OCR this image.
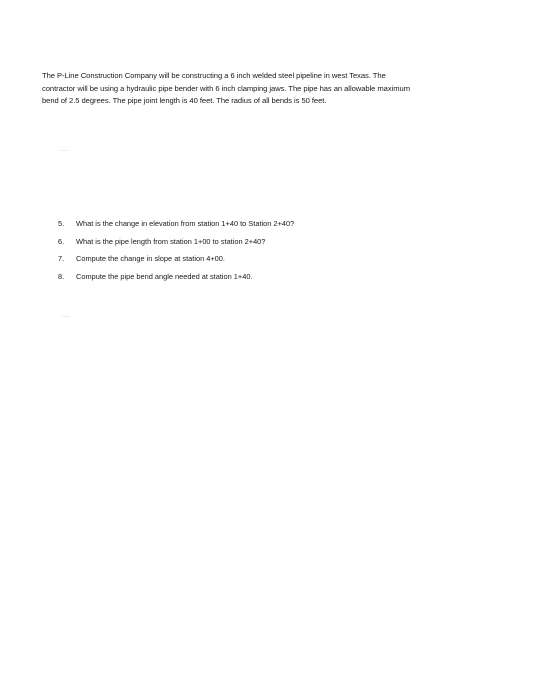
The P-Line Construction Company will be constructing a 6 inch welded steel pipeline in west Texas. The
contractor will be using a hydraulic pipe bender with 6 inch clamping jaws. The pipe has an allowable maximum
bend of 2.5 degrees. The pipe joint length is 40 feet. The radius of all bends is 50 feet.
5.	What is the change in elevation from station 1+40 to Station 2+40?
6.	What is the pipe length from station 1+00 to station 2+40?
7.	Compute the change in slope at station 4+00.
8.	Compute the pipe bend angle needed at station 1+40.
